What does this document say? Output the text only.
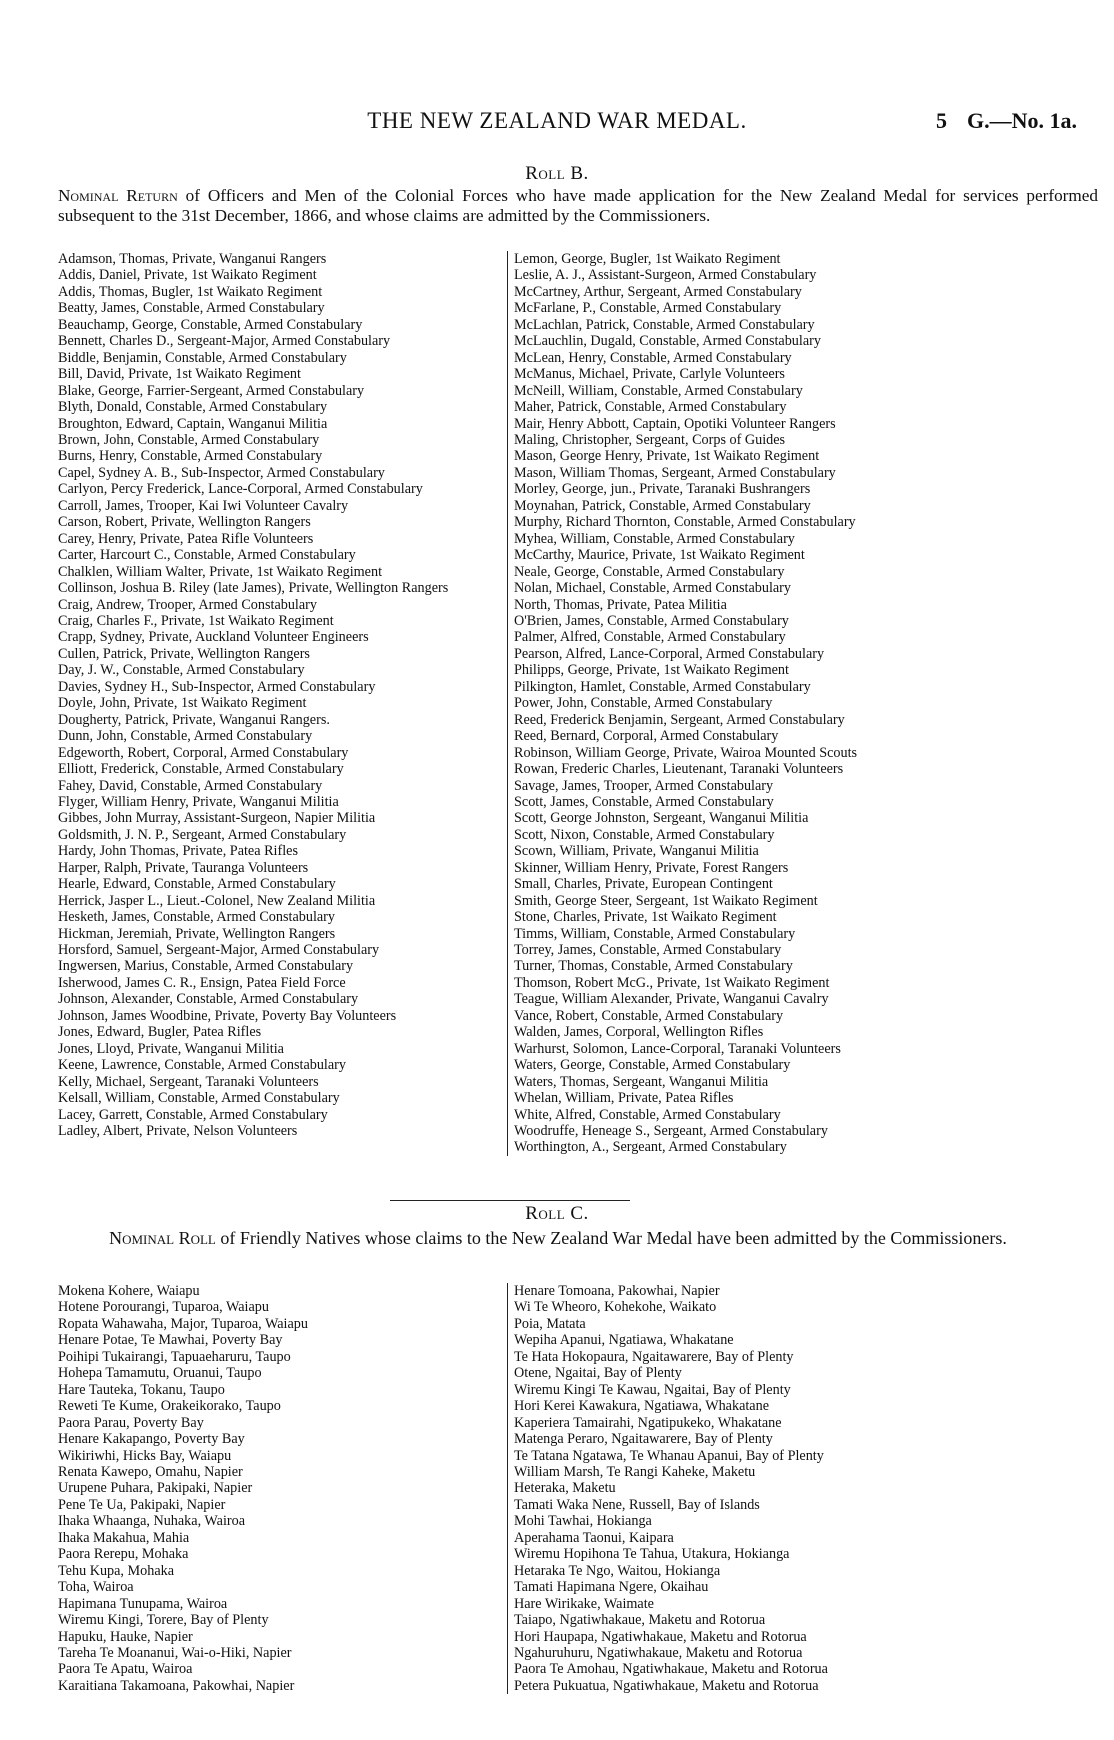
THE NEW ZEALAND WAR MEDAL.	5 G.—No. 1a.
Roll B.
Nominal Return of Officers and Men of the Colonial Forces who have made application for the New Zealand Medal for services performed subsequent to the 31st December, 1866, and whose claims are admitted by the Commissioners.
Adamson, Thomas, Private, Wanganui Rangers
Addis, Daniel, Private, 1st Waikato Regiment
Addis, Thomas, Bugler, 1st Waikato Regiment
Beatty, James, Constable, Armed Constabulary
Beauchamp, George, Constable, Armed Constabulary
Bennett, Charles D., Sergeant-Major, Armed Constabulary
Biddle, Benjamin, Constable, Armed Constabulary
Bill, David, Private, 1st Waikato Regiment
Blake, George, Farrier-Sergeant, Armed Constabulary
Blyth, Donald, Constable, Armed Constabulary
Broughton, Edward, Captain, Wanganui Militia
Brown, John, Constable, Armed Constabulary
Burns, Henry, Constable, Armed Constabulary
Capel, Sydney A. B., Sub-Inspector, Armed Constabulary
Carlyon, Percy Frederick, Lance-Corporal, Armed Constabulary
Carroll, James, Trooper, Kai Iwi Volunteer Cavalry
Carson, Robert, Private, Wellington Rangers
Carey, Henry, Private, Patea Rifle Volunteers
Carter, Harcourt C., Constable, Armed Constabulary
Chalklen, William Walter, Private, 1st Waikato Regiment
Collinson, Joshua B. Riley (late James), Private, Wellington Rangers
Craig, Andrew, Trooper, Armed Constabulary
Craig, Charles F., Private, 1st Waikato Regiment
Crapp, Sydney, Private, Auckland Volunteer Engineers
Cullen, Patrick, Private, Wellington Rangers
Day, J. W., Constable, Armed Constabulary
Davies, Sydney H., Sub-Inspector, Armed Constabulary
Doyle, John, Private, 1st Waikato Regiment
Dougherty, Patrick, Private, Wanganui Rangers.
Dunn, John, Constable, Armed Constabulary
Edgeworth, Robert, Corporal, Armed Constabulary
Elliott, Frederick, Constable, Armed Constabulary
Fahey, David, Constable, Armed Constabulary
Flyger, William Henry, Private, Wanganui Militia
Gibbes, John Murray, Assistant-Surgeon, Napier Militia
Goldsmith, J. N. P., Sergeant, Armed Constabulary
Hardy, John Thomas, Private, Patea Rifles
Harper, Ralph, Private, Tauranga Volunteers
Hearle, Edward, Constable, Armed Constabulary
Herrick, Jasper L., Lieut.-Colonel, New Zealand Militia
Hesketh, James, Constable, Armed Constabulary
Hickman, Jeremiah, Private, Wellington Rangers
Horsford, Samuel, Sergeant-Major, Armed Constabulary
Ingwersen, Marius, Constable, Armed Constabulary
Isherwood, James C. R., Ensign, Patea Field Force
Johnson, Alexander, Constable, Armed Constabulary
Johnson, James Woodbine, Private, Poverty Bay Volunteers
Jones, Edward, Bugler, Patea Rifles
Jones, Lloyd, Private, Wanganui Militia
Keene, Lawrence, Constable, Armed Constabulary
Kelly, Michael, Sergeant, Taranaki Volunteers
Kelsall, William, Constable, Armed Constabulary
Lacey, Garrett, Constable, Armed Constabulary
Ladley, Albert, Private, Nelson Volunteers
Lemon, George, Bugler, 1st Waikato Regiment
Leslie, A. J., Assistant-Surgeon, Armed Constabulary
McCartney, Arthur, Sergeant, Armed Constabulary
McFarlane, P., Constable, Armed Constabulary
McLachlan, Patrick, Constable, Armed Constabulary
McLauchlin, Dugald, Constable, Armed Constabulary
McLean, Henry, Constable, Armed Constabulary
McManus, Michael, Private, Carlyle Volunteers
McNeill, William, Constable, Armed Constabulary
Maher, Patrick, Constable, Armed Constabulary
Mair, Henry Abbott, Captain, Opotiki Volunteer Rangers
Maling, Christopher, Sergeant, Corps of Guides
Mason, George Henry, Private, 1st Waikato Regiment
Mason, William Thomas, Sergeant, Armed Constabulary
Morley, George, jun., Private, Taranaki Bushrangers
Moynahan, Patrick, Constable, Armed Constabulary
Murphy, Richard Thornton, Constable, Armed Constabulary
Myhea, William, Constable, Armed Constabulary
McCarthy, Maurice, Private, 1st Waikato Regiment
Neale, George, Constable, Armed Constabulary
Nolan, Michael, Constable, Armed Constabulary
North, Thomas, Private, Patea Militia
O'Brien, James, Constable, Armed Constabulary
Palmer, Alfred, Constable, Armed Constabulary
Pearson, Alfred, Lance-Corporal, Armed Constabulary
Philipps, George, Private, 1st Waikato Regiment
Pilkington, Hamlet, Constable, Armed Constabulary
Power, John, Constable, Armed Constabulary
Reed, Frederick Benjamin, Sergeant, Armed Constabulary
Reed, Bernard, Corporal, Armed Constabulary
Robinson, William George, Private, Wairoa Mounted Scouts
Rowan, Frederic Charles, Lieutenant, Taranaki Volunteers
Savage, James, Trooper, Armed Constabulary
Scott, James, Constable, Armed Constabulary
Scott, George Johnston, Sergeant, Wanganui Militia
Scott, Nixon, Constable, Armed Constabulary
Scown, William, Private, Wanganui Militia
Skinner, William Henry, Private, Forest Rangers
Small, Charles, Private, European Contingent
Smith, George Steer, Sergeant, 1st Waikato Regiment
Stone, Charles, Private, 1st Waikato Regiment
Timms, William, Constable, Armed Constabulary
Torrey, James, Constable, Armed Constabulary
Turner, Thomas, Constable, Armed Constabulary
Thomson, Robert McG., Private, 1st Waikato Regiment
Teague, William Alexander, Private, Wanganui Cavalry
Vance, Robert, Constable, Armed Constabulary
Walden, James, Corporal, Wellington Rifles
Warhurst, Solomon, Lance-Corporal, Taranaki Volunteers
Waters, George, Constable, Armed Constabulary
Waters, Thomas, Sergeant, Wanganui Militia
Whelan, William, Private, Patea Rifles
White, Alfred, Constable, Armed Constabulary
Woodruffe, Heneage S., Sergeant, Armed Constabulary
Worthington, A., Sergeant, Armed Constabulary
Roll C.
Nominal Roll of Friendly Natives whose claims to the New Zealand War Medal have been admitted by the Commissioners.
Mokena Kohere, Waiapu
Hotene Porourangi, Tuparoa, Waiapu
Ropata Wahawaha, Major, Tuparoa, Waiapu
Henare Potae, Te Mawhai, Poverty Bay
Poihipi Tukairangi, Tapuaeharuru, Taupo
Hohepa Tamamutu, Oruanui, Taupo
Hare Tauteka, Tokanu, Taupo
Reweti Te Kume, Orakeikorako, Taupo
Paora Parau, Poverty Bay
Henare Kakapango, Poverty Bay
Wikiriwhi, Hicks Bay, Waiapu
Renata Kawepo, Omahu, Napier
Urupene Puhara, Pakipaki, Napier
Pene Te Ua, Pakipaki, Napier
Ihaka Whaanga, Nuhaka, Wairoa
Ihaka Makahua, Mahia
Paora Rerepu, Mohaka
Tehu Kupa, Mohaka
Toha, Wairoa
Hapimana Tunupama, Wairoa
Wiremu Kingi, Torere, Bay of Plenty
Hapuku, Hauke, Napier
Tareha Te Moananui, Wai-o-Hiki, Napier
Paora Te Apatu, Wairoa
Karaitiana Takamoana, Pakowhai, Napier
Henare Tomoana, Pakowhai, Napier
Wi Te Wheoro, Kohekohe, Waikato
Poia, Matata
Wepiha Apanui, Ngatiawa, Whakatane
Te Hata Hokopaura, Ngaitawarere, Bay of Plenty
Otene, Ngaitai, Bay of Plenty
Wiremu Kingi Te Kawau, Ngaitai, Bay of Plenty
Hori Kerei Kawakura, Ngatiawa, Whakatane
Kaperiera Tamairahi, Ngatipukeko, Whakatane
Matenga Peraro, Ngaitawarere, Bay of Plenty
Te Tatana Ngatawa, Te Whanau Apanui, Bay of Plenty
William Marsh, Te Rangi Kaheke, Maketu
Heteraka, Maketu
Tamati Waka Nene, Russell, Bay of Islands
Mohi Tawhai, Hokianga
Aperahama Taonui, Kaipara
Wiremu Hopihona Te Tahua, Utakura, Hokianga
Hetaraka Te Ngo, Waitou, Hokianga
Tamati Hapimana Ngere, Okaihau
Hare Wirikake, Waimate
Taiapo, Ngatiwhakaue, Maketu and Rotorua
Hori Haupapa, Ngatiwhakaue, Maketu and Rotorua
Ngahuruhuru, Ngatiwhakaue, Maketu and Rotorua
Paora Te Amohau, Ngatiwhakaue, Maketu and Rotorua
Petera Pukuatua, Ngatiwhakaue, Maketu and Rotorua
